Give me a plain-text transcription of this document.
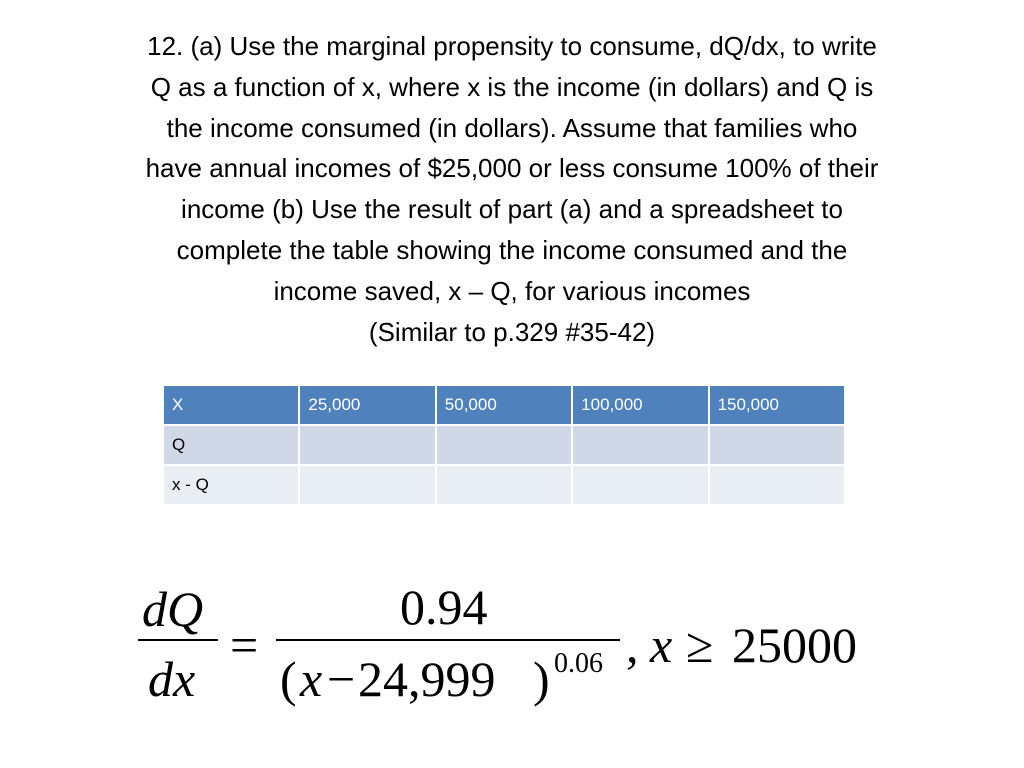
12. (a) Use the marginal propensity to consume, dQ/dx, to write
Q as a function of x, where x is the income (in dollars) and Q is
the income consumed (in dollars). Assume that families who
have annual incomes of $25,000 or less consume 100% of their
income (b) Use the result of part (a) and a spreadsheet to
complete the table showing the income consumed and the
income saved, x – Q, for various incomes
(Similar to p.329 #35-42)
X	25,000	50,000	100,000	150,000
Q				
x - Q				
dQ
dx
=
0.94
( x − 24,999 ) 0.06 , x ≥ 25000
